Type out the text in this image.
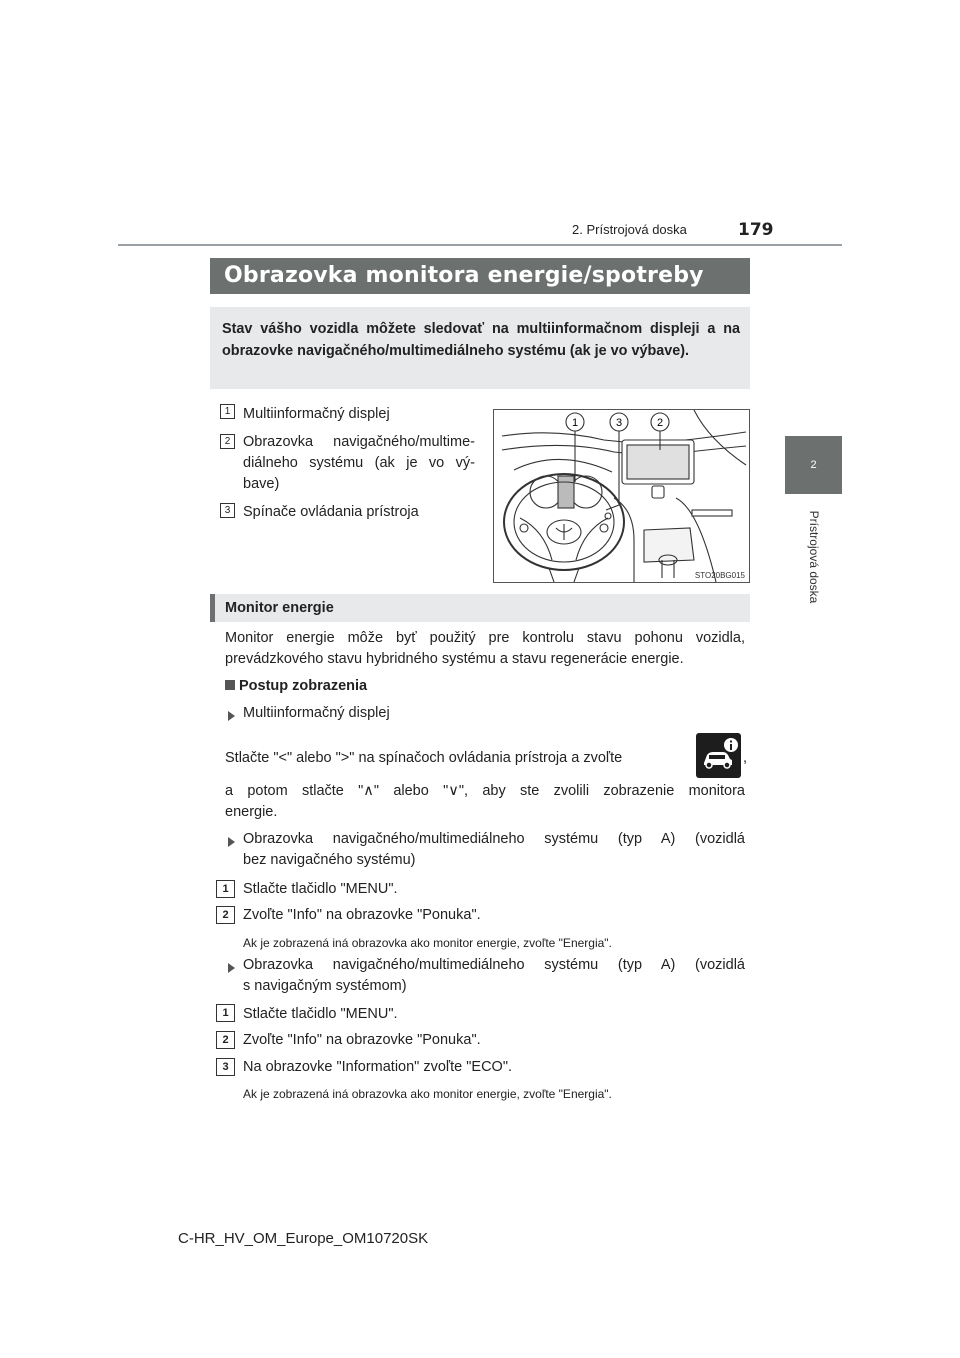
2. Prístrojová doska	179
2
Prístrojová doska
Obrazovka monitora energie/spotreby
Stav vášho vozidla môžete sledovať na multiinformačnom displeji a na obrazovke navigačného/multimediálneho systému (ak je vo výbave).
1 Multiinformačný displej
2 Obrazovka navigačného/multime-
diálneho systému (ak je vo vý-
bave)
3 Spínače ovládania prístroja
1	3	2
STO20BG015
Monitor energie
Monitor energie môže byť použitý pre kontrolu stavu pohonu vozidla, prevádzkového stavu hybridného systému a stavu regenerácie energie.
Postup zobrazenia
Multiinformačný displej
Stlačte "<" alebo ">" na spínačoch ovládania prístroja a zvoľte	,
a potom stlačte "∧" alebo "∨", aby ste zvolili zobrazenie monitora
energie.
Obrazovka navigačného/multimediálneho systému (typ A) (vozidlá
bez navigačného systému)
1 Stlačte tlačidlo "MENU".
2 Zvoľte "Info" na obrazovke "Ponuka".
Ak je zobrazená iná obrazovka ako monitor energie, zvoľte "Energia".
Obrazovka navigačného/multimediálneho systému (typ A) (vozidlá
s navigačným systémom)
1 Stlačte tlačidlo "MENU".
2 Zvoľte "Info" na obrazovke "Ponuka".
3 Na obrazovke "Information" zvoľte "ECO".
Ak je zobrazená iná obrazovka ako monitor energie, zvoľte "Energia".
C-HR_HV_OM_Europe_OM10720SK
